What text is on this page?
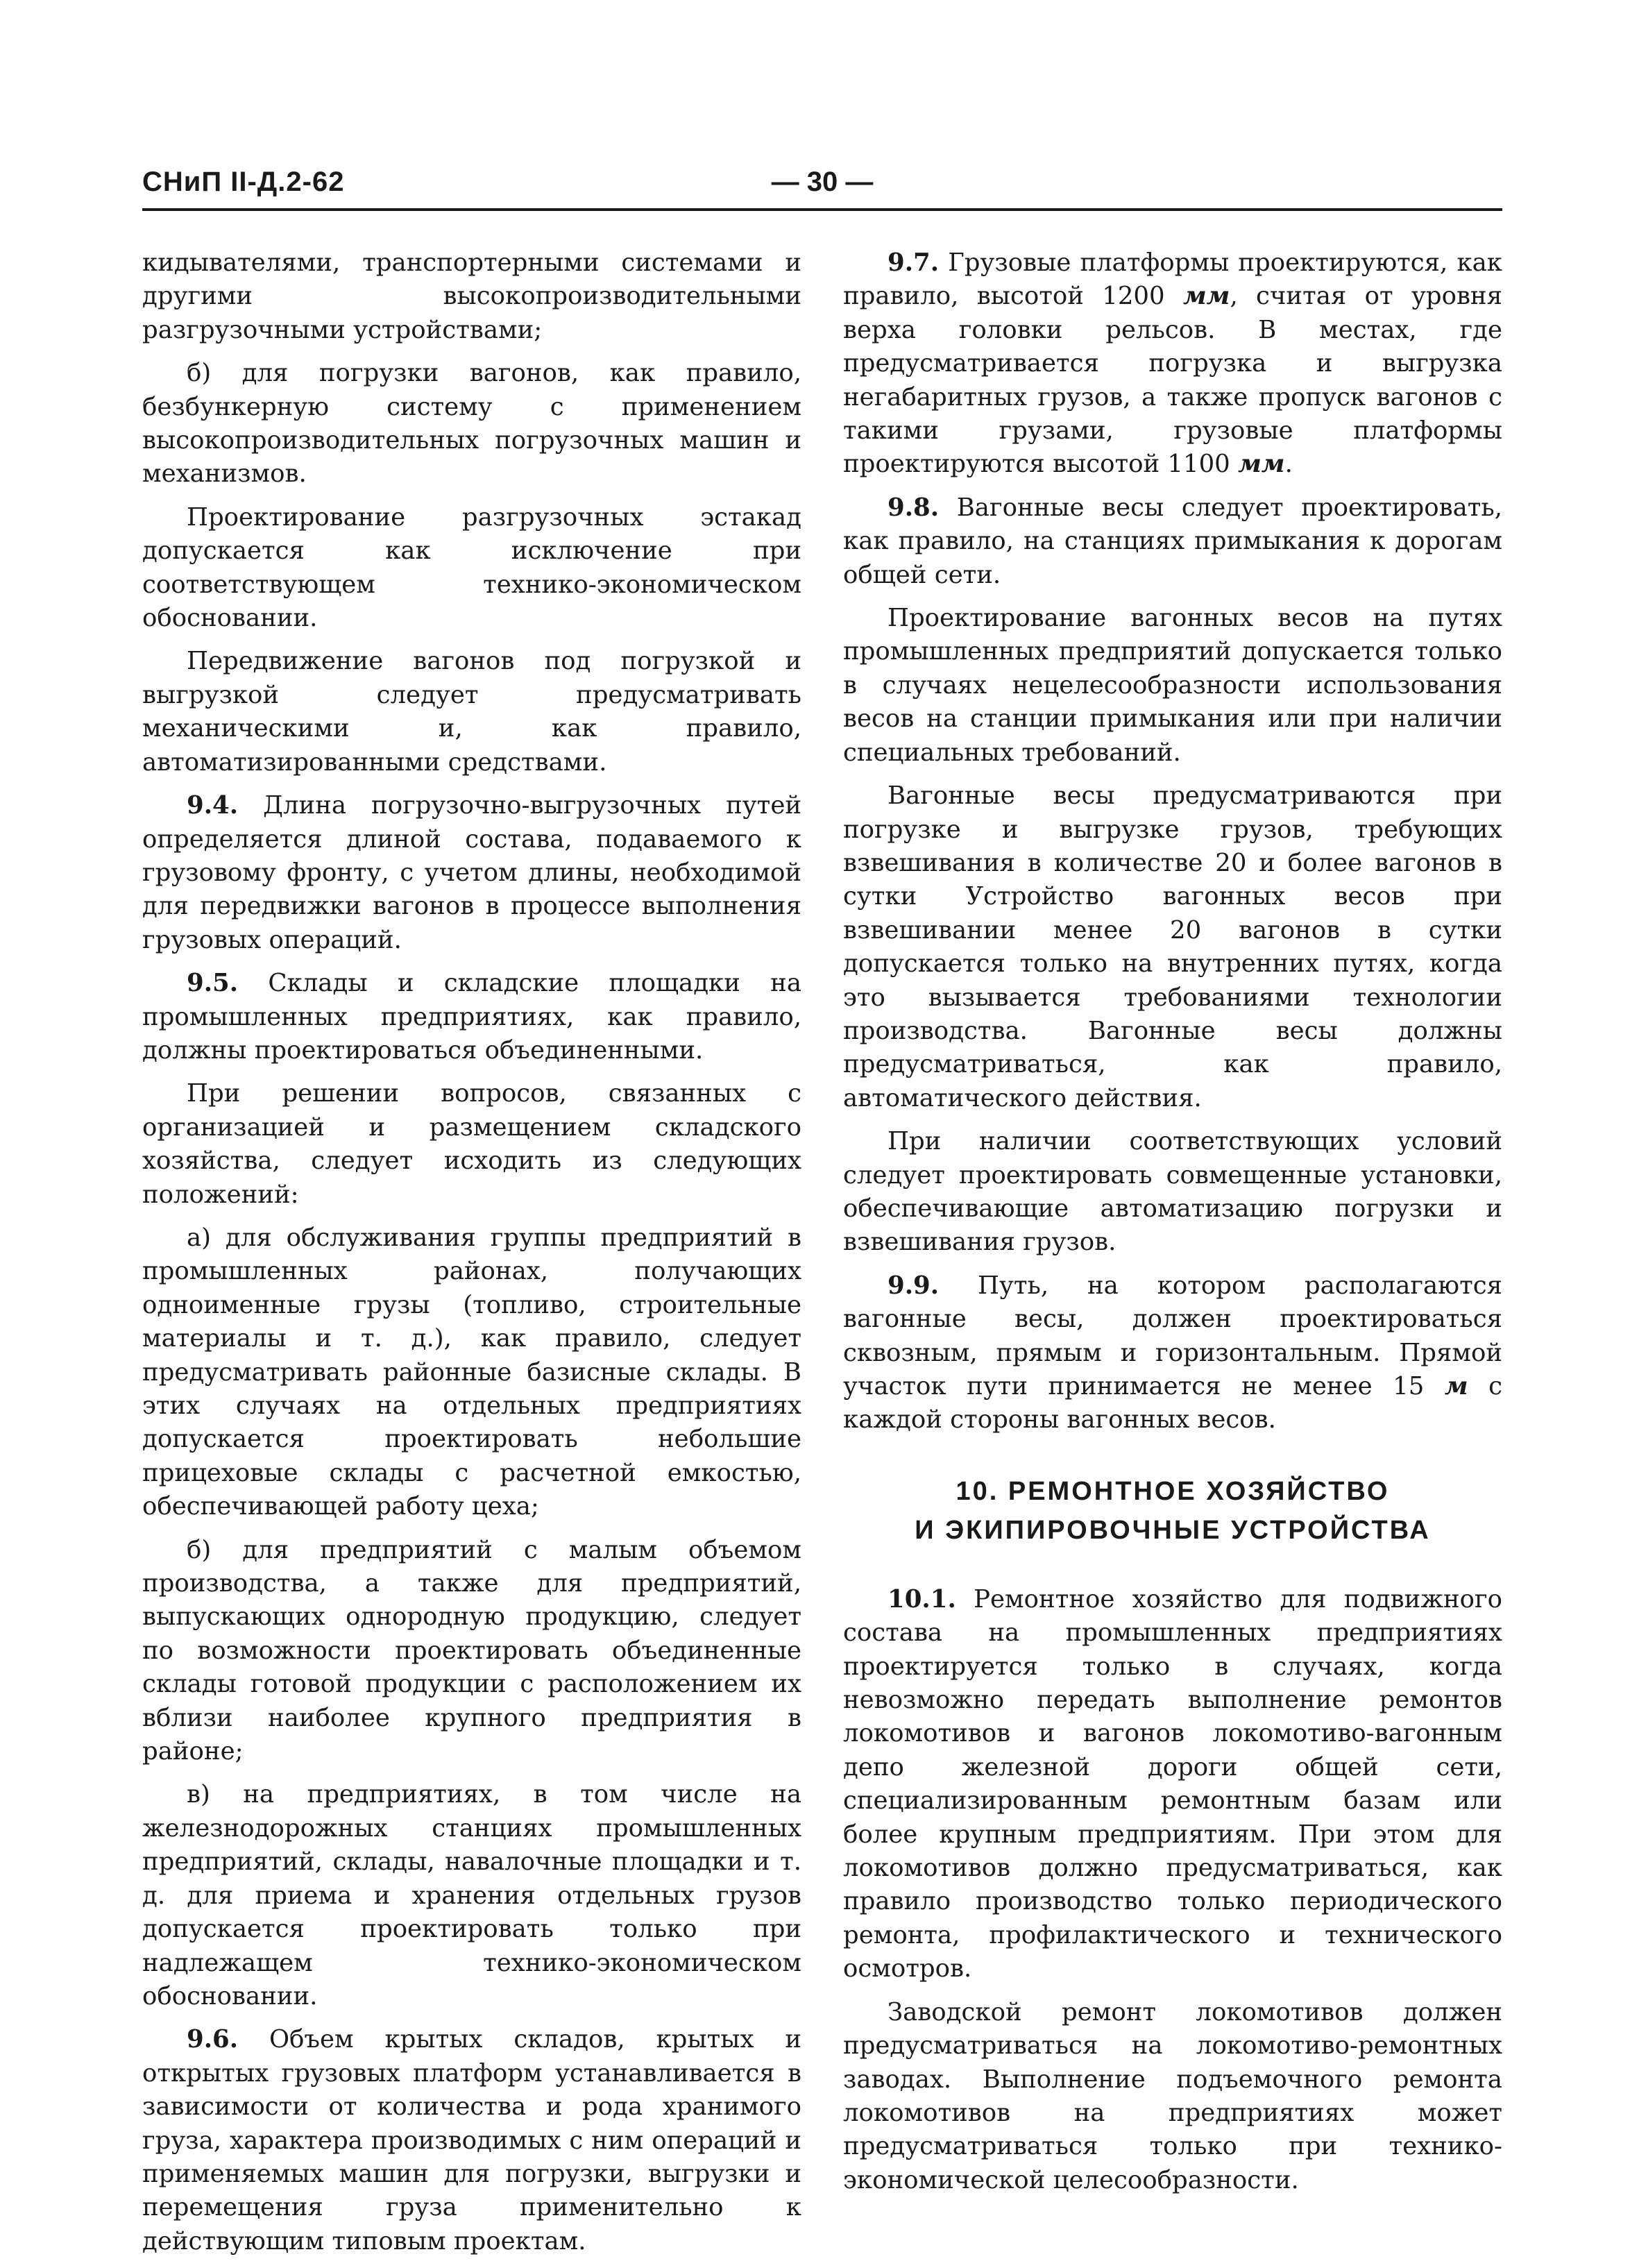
— 30 —
СНиП II-Д.2-62

кидывателями, транспортерными системами и другими высокопроизводительными разгрузочными устройствами;

б) для погрузки вагонов, как правило, безбункерную систему с применением высокопроизводительных погрузочных машин и механизмов.

Проектирование разгрузочных эстакад допускается как исключение при соответствующем технико-экономическом обосновании.

Передвижение вагонов под погрузкой и выгрузкой следует предусматривать механическими и, как правило, автоматизированными средствами.

9.4. Длина погрузочно-выгрузочных путей определяется длиной состава, подаваемого к грузовому фронту, с учетом длины, необходимой для передвижки вагонов в процессе выполнения грузовых операций.

9.5. Склады и складские площадки на промышленных предприятиях, как правило, должны проектироваться объединенными.

При решении вопросов, связанных с организацией и размещением складского хозяйства, следует исходить из следующих положений:

а) для обслуживания группы предприятий в промышленных районах, получающих одноименные грузы (топливо, строительные материалы и т. д.), как правило, следует предусматривать районные базисные склады. В этих случаях на отдельных предприятиях допускается проектировать небольшие прицеховые склады с расчетной емкостью, обеспечивающей работу цеха;

б) для предприятий с малым объемом производства, а также для предприятий, выпускающих однородную продукцию, следует по возможности проектировать объединенные склады готовой продукции с расположением их вблизи наиболее крупного предприятия в районе;

в) на предприятиях, в том числе на железнодорожных станциях промышленных предприятий, склады, навалочные площадки и т. д. для приема и хранения отдельных грузов допускается проектировать только при надлежащем технико-экономическом обосновании.

9.6. Объем крытых складов, крытых и открытых грузовых платформ устанавливается в зависимости от количества и рода хранимого груза, характера производимых с ним операций и применяемых машин для погрузки, выгрузки и перемещения груза применительно к действующим типовым проектам.

9.7. Грузовые платформы проектируются, как правило, высотой 1200 мм, считая от уровня верха головки рельсов. В местах, где предусматривается погрузка и выгрузка негабаритных грузов, а также пропуск вагонов с такими грузами, грузовые платформы проектируются высотой 1100 мм.

9.8. Вагонные весы следует проектировать, как правило, на станциях примыкания к дорогам общей сети.

Проектирование вагонных весов на путях промышленных предприятий допускается только в случаях нецелесообразности использования весов на станции примыкания или при наличии специальных требований.

Вагонные весы предусматриваются при погрузке и выгрузке грузов, требующих взвешивания в количестве 20 и более вагонов в сутки Устройство вагонных весов при взвешивании менее 20 вагонов в сутки допускается только на внутренних путях, когда это вызывается требованиями технологии производства. Вагонные весы должны предусматриваться, как правило, автоматического действия.

При наличии соответствующих условий следует проектировать совмещенные установки, обеспечивающие автоматизацию погрузки и взвешивания грузов.

9.9. Путь, на котором располагаются вагонные весы, должен проектироваться сквозным, прямым и горизонтальным. Прямой участок пути принимается не менее 15 м с каждой стороны вагонных весов.

10. РЕМОНТНОЕ ХОЗЯЙСТВО
И ЭКИПИРОВОЧНЫЕ УСТРОЙСТВА

10.1. Ремонтное хозяйство для подвижного состава на промышленных предприятиях проектируется только в случаях, когда невозможно передать выполнение ремонтов локомотивов и вагонов локомотиво-вагонным депо железной дороги общей сети, специализированным ремонтным базам или более крупным предприятиям. При этом для локомотивов должно предусматриваться, как правило производство только периодического ремонта, профилактического и технического осмотров.

Заводской ремонт локомотивов должен предусматриваться на локомотиво-ремонтных заводах. Выполнение подъемочного ремонта локомотивов на предприятиях может предусматриваться только при технико-экономической целесообразности.
